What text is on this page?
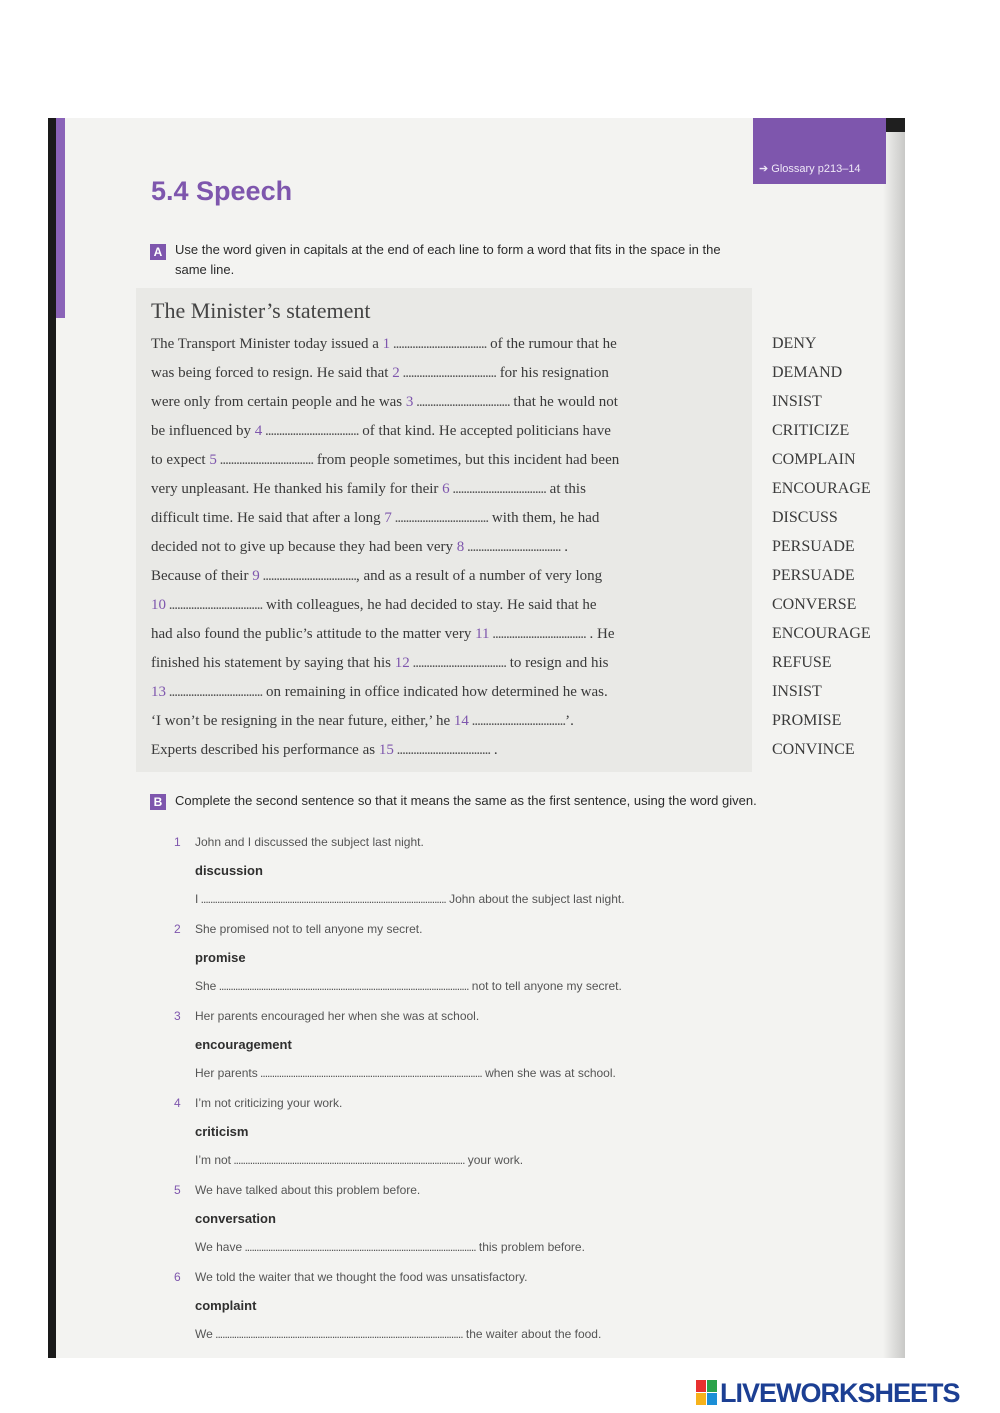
➔ Glossary p213–14
5.4 Speech
A Use the word given in capitals at the end of each line to form a word that fits in the space in the
same line.
The Minister’s statement
The Transport Minister today issued a 1 .................................. of the rumour that he	DENY
was being forced to resign. He said that 2 .................................. for his resignation	DEMAND
were only from certain people and he was 3 .................................. that he would not	INSIST
be influenced by 4 .................................. of that kind. He accepted politicians have	CRITICIZE
to expect 5 .................................. from people sometimes, but this incident had been	COMPLAIN
very unpleasant. He thanked his family for their 6 .................................. at this	ENCOURAGE
difficult time. He said that after a long 7 .................................. with them, he had	DISCUSS
decided not to give up because they had been very 8 .................................. .	PERSUADE
Because of their 9 .................................., and as a result of a number of very long	PERSUADE
10 .................................. with colleagues, he had decided to stay. He said that he	CONVERSE
had also found the public’s attitude to the matter very 11 .................................. . He	ENCOURAGE
finished his statement by saying that his 12 .................................. to resign and his	REFUSE
13 .................................. on remaining in office indicated how determined he was.	INSIST
‘I won’t be resigning in the near future, either,’ he 14 ..................................’.	PROMISE
Experts described his performance as 15 .................................. .	CONVINCE
B Complete the second sentence so that it means the same as the first sentence, using the word given.
1 John and I discussed the subject last night.
discussion
I ......................................................................................................... John about the subject last night.
2 She promised not to tell anyone my secret.
promise
She ........................................................................................................... not to tell anyone my secret.
3 Her parents encouraged her when she was at school.
encouragement
Her parents ............................................................................................... when she was at school.
4 I’m not criticizing your work.
criticism
I’m not ................................................................................................... your work.
5 We have talked about this problem before.
conversation
We have ................................................................................................... this problem before.
6 We told the waiter that we thought the food was unsatisfactory.
complaint
We .......................................................................................................... the waiter about the food.
LIVEWORKSHEETS
